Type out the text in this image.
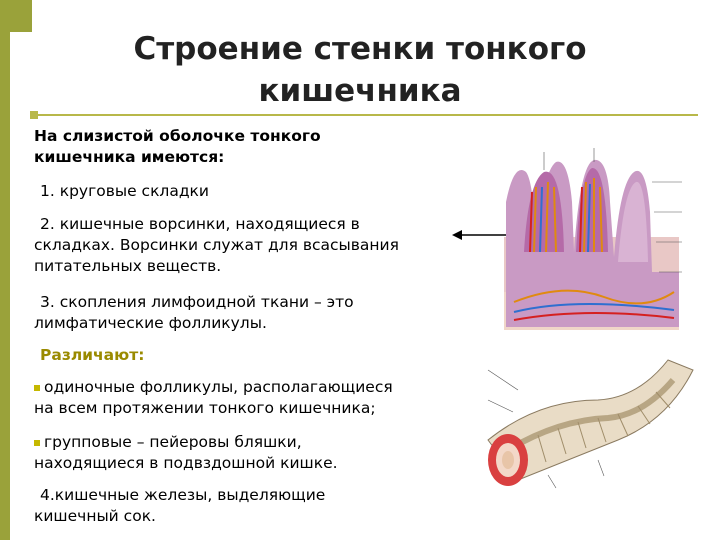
Строение стенки тонкого
кишечника
На слизистой оболочке тонкого
кишечника имеются:
1. круговые складки
2. кишечные ворсинки, находящиеся в
складках. Ворсинки служат для всасывания
питательных веществ.
3. скопления лимфоидной ткани – это
лимфатические фолликулы.
Различают:
одиночные фолликулы, располагающиеся
на всем протяжении тонкого кишечника;
групповые – пейеровы бляшки,
находящиеся в подвздошной кишке.
4.кишечные железы, выделяющие
кишечный сок.
